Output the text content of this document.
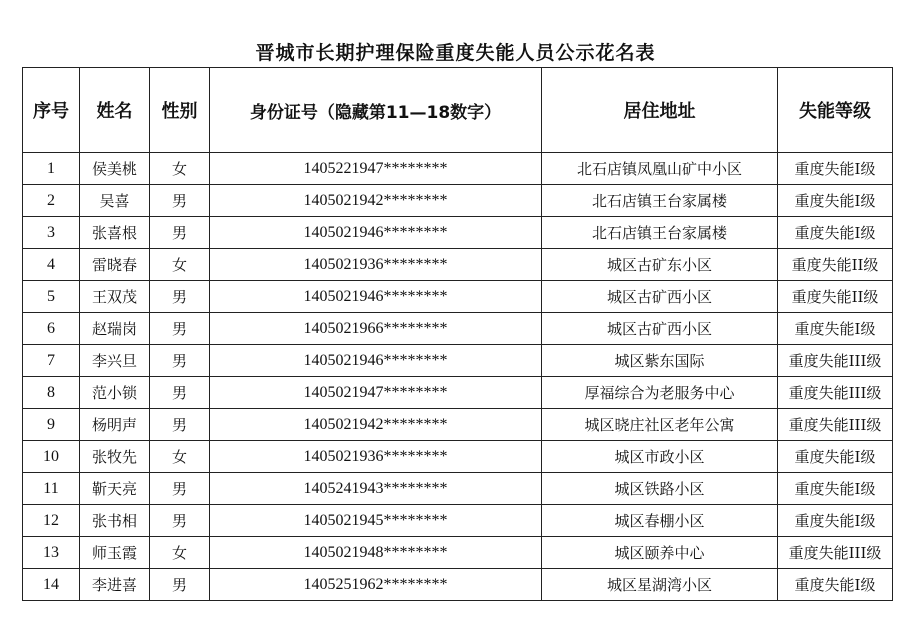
晋城市长期护理保险重度失能人员公示花名表
序号	姓名	性别	身份证号（隐藏第11—18数字）	居住地址	失能等级
1	侯美桃	女	1405221947********	北石店镇凤凰山矿中小区	重度失能Ⅰ级
2	吴喜	男	1405021942********	北石店镇王台家属楼	重度失能Ⅰ级
3	张喜根	男	1405021946********	北石店镇王台家属楼	重度失能Ⅰ级
4	雷晓春	女	1405021936********	城区古矿东小区	重度失能II级
5	王双茂	男	1405021946********	城区古矿西小区	重度失能II级
6	赵瑞岗	男	1405021966********	城区古矿西小区	重度失能Ⅰ级
7	李兴旦	男	1405021946********	城区紫东国际	重度失能III级
8	范小锁	男	1405021947********	厚福综合为老服务中心	重度失能III级
9	杨明声	男	1405021942********	城区晓庄社区老年公寓	重度失能III级
10	张牧先	女	1405021936********	城区市政小区	重度失能Ⅰ级
11	靳天亮	男	1405241943********	城区铁路小区	重度失能Ⅰ级
12	张书相	男	1405021945********	城区春棚小区	重度失能Ⅰ级
13	师玉霞	女	1405021948********	城区颐养中心	重度失能III级
14	李进喜	男	1405251962********	城区星湖湾小区	重度失能Ⅰ级
